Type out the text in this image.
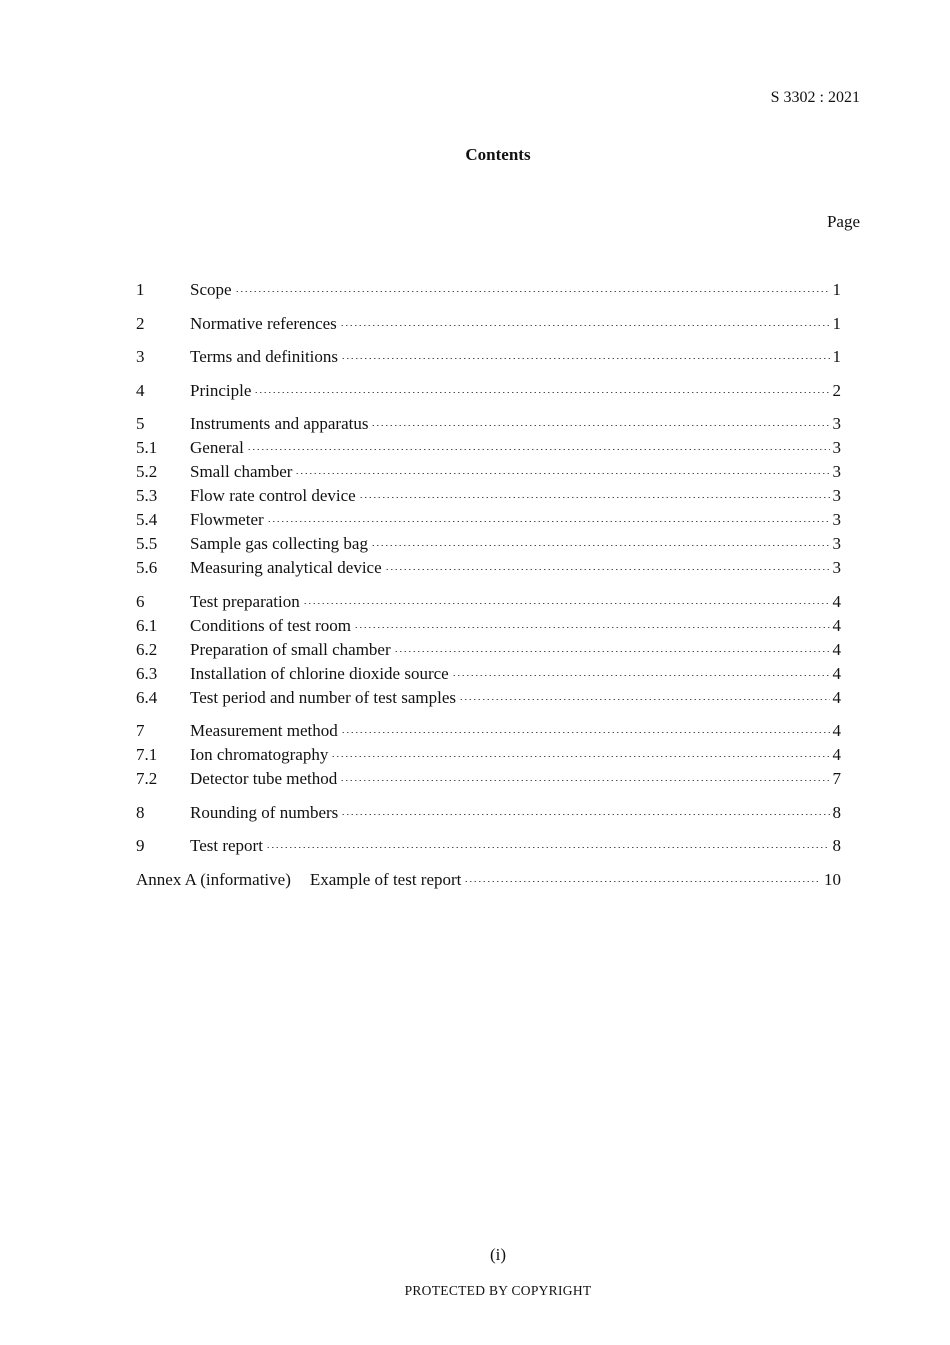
S 3302 : 2021
Contents
Page
1	Scope	1
2	Normative references	1
3	Terms and definitions	1
4	Principle	2
5	Instruments and apparatus	3
5.1	General	3
5.2	Small chamber	3
5.3	Flow rate control device	3
5.4	Flowmeter	3
5.5	Sample gas collecting bag	3
5.6	Measuring analytical device	3
6	Test preparation	4
6.1	Conditions of test room	4
6.2	Preparation of small chamber	4
6.3	Installation of chlorine dioxide source	4
6.4	Test period and number of test samples	4
7	Measurement method	4
7.1	Ion chromatography	4
7.2	Detector tube method	7
8	Rounding of numbers	8
9	Test report	8
Annex A (informative) Example of test report	10
(i)
PROTECTED BY COPYRIGHT
